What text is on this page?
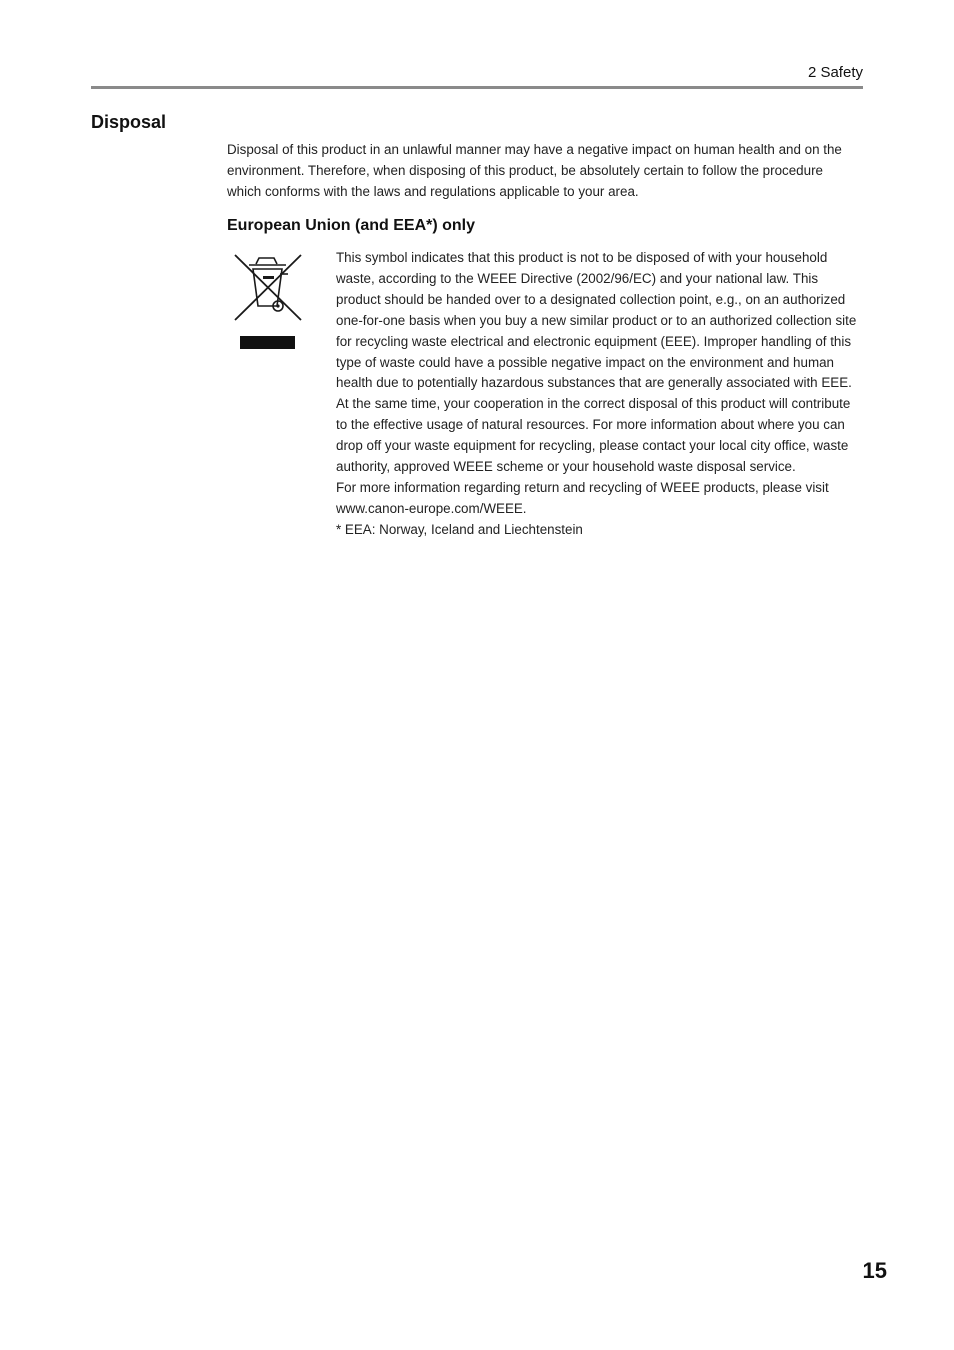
2 Safety
Disposal

Disposal of this product in an unlawful manner may have a negative impact on human health and on the environment. Therefore, when disposing of this product, be absolutely certain to follow the procedure which conforms with the laws and regulations applicable to your area.

European Union (and EEA*) only

This symbol indicates that this product is not to be disposed of with your household waste, according to the WEEE Directive (2002/96/EC) and your national law. This product should be handed over to a designated collection point, e.g., on an authorized one-for-one basis when you buy a new similar product or to an authorized collection site for recycling waste electrical and electronic equipment (EEE). Improper handling of this type of waste could have a possible negative impact on the environment and human health due to potentially hazardous substances that are generally associated with EEE. At the same time, your cooperation in the correct disposal of this product will contribute to the effective usage of natural resources. For more information about where you can drop off your waste equipment for recycling, please contact your local city office, waste authority, approved WEEE scheme or your household waste disposal service.

For more information regarding return and recycling of WEEE products, please visit www.canon-europe.com/WEEE.

* EEA: Norway, Iceland and Liechtenstein

15
